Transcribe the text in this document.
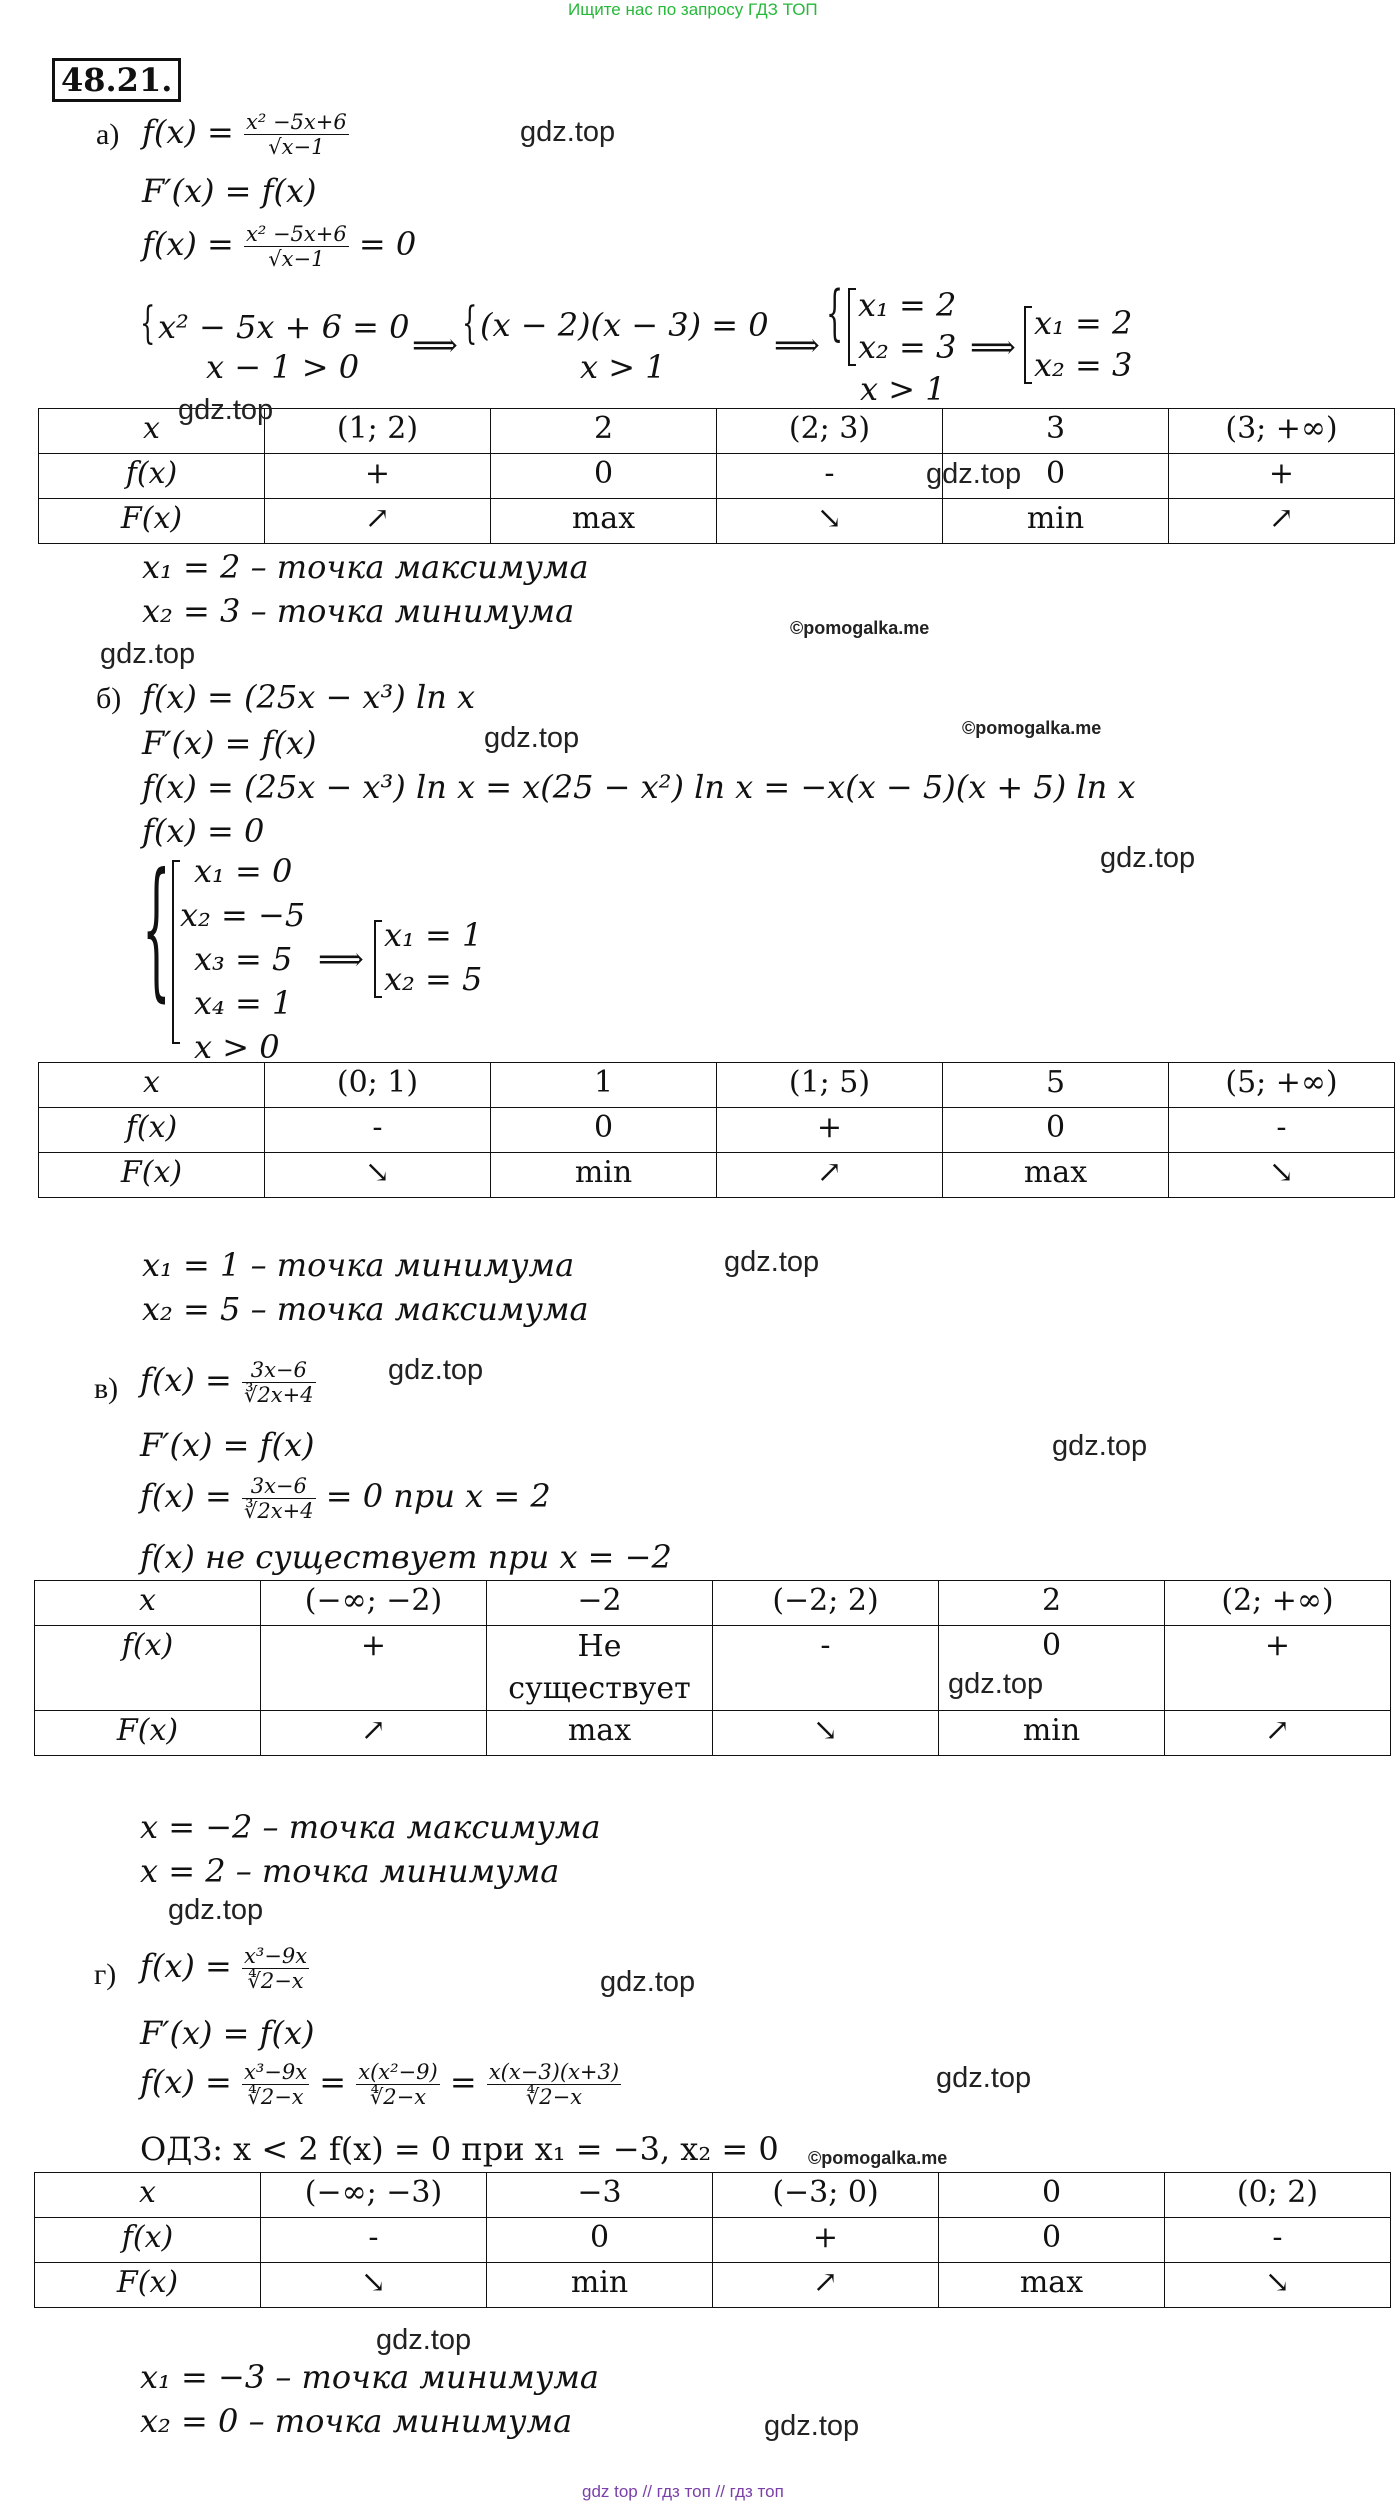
Ищите нас по запросу ГДЗ ТОП
gdz top // гдз топ // гдз топ
48.21.
а) $f(x) = \frac{\text{x² −5x+6}}{√x-1}$
F′(x) = f(x)
$f(x) = \frac{\text{x² −5x+6}}{√x-1} = 0$
{ x² − 5x + 6 = 0
x − 1 > 0
⟹ { (x − 2)(x − 3) = 0
x > 1
⟹ { x₁ = 2
x₂ = 3
x > 1
⟹
x₁ = 2
x₂ = 3
x	(1; 2)	2	(2; 3)	3	(3; +∞)
f(x)	+	0	-	0	+
F(x)	↗	max	↘	min	↗
x₁ = 2 – точка максимума
x₂ = 3 – точка минимума
б) f(x) = (25x − x³) ln x
F′(x) = f(x)
f(x) = (25x − x³) ln x = x(25 − x²) ln x = −x(x − 5)(x + 5) ln x
f(x) = 0
{ x₁ = 0
x₂ = −5
x₃ = 5
x₄ = 1
x > 0
⟹
x₁ = 1
x₂ = 5
x	(0; 1)	1	(1; 5)	5	(5; +∞)
f(x)	-	0	+	0	-
F(x)	↘	min	↗	max	↘
x₁ = 1 – точка минимума
x₂ = 5 – точка максимума
в) $f(x) = \frac{3x-6}{∛2x+4}$
F′(x) = f(x)
$f(x) = \frac{3x-6}{∛2x+4} = 0$ при x = 2
f(x) не существует при x = −2
x	(−∞; −2)	−2	(−2; 2)	2	(2; +∞)
f(x)	+	Не существует	-	0	+
F(x)	↗	max	↘	min	↗
x = −2 – точка максимума
x = 2 – точка минимума
г) $f(x) = \frac{\text{x³−9x}}{∜2-x}$
F′(x) = f(x)
$f(x) = \frac{\text{x³−9x}}{∜2-x} = \frac{\text{x(x²−9)}}{∜2-x} = \frac{x(x-3)(x+3)}{∜2-x}$
ОДЗ: x < 2 f(x) = 0 при x₁ = −3, x₂ = 0
x	(−∞; −3)	−3	(−3; 0)	0	(0; 2)
f(x)	-	0	+	0	-
F(x)	↘	min	↗	max	↘
x₁ = −3 – точка минимума
x₂ = 0 – точка минимума
gdz.top
gdz.top
gdz.top
©pomogalka.me
gdz.top
gdz.top	©pomogalka.me
gdz.top
gdz.top
gdz.top
gdz.top
gdz.top
gdz.top
gdz.top
gdz.top
©pomogalka.me
gdz.top
gdz.top
